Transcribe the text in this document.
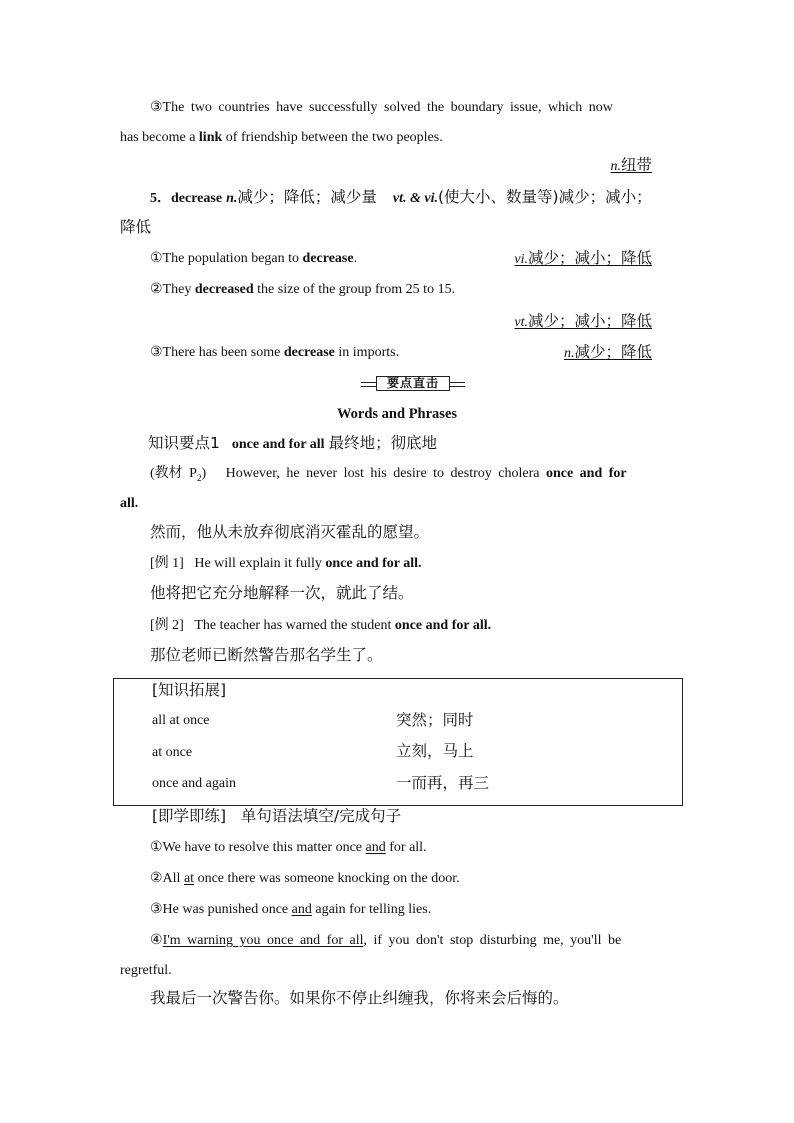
③The two countries have successfully solved the boundary issue, which now
has become a link of friendship between the two peoples.
n.纽带
5．decrease n.减少；降低；减少量 vt. & vi.(使大小、数量等)减少；减小；
降低
①The population began to decrease.	vi.减少；减小；降低
②They decreased the size of the group from 25 to 15.
vt.减少；减小；降低
③There has been some decrease in imports.	n.减少；降低
要点直击
Words and Phrases
知识要点1 once and for all 最终地；彻底地
(教材 $P_2$) However, he never lost his desire to destroy cholera once and for
all.
然而，他从未放弃彻底消灭霍乱的愿望。
[例 1] He will explain it fully once and for all.
他将把它充分地解释一次，就此了结。
[例 2] The teacher has warned the student once and for all.
那位老师已断然警告那名学生了。
[知识拓展]
all at once	突然；同时
at once	立刻，马上
once and again	一而再，再三
[即学即练] 单句语法填空/完成句子
①We have to resolve this matter once and for all.
②All at once there was someone knocking on the door.
③He was punished once and again for telling lies.
④I'm warning you once and for all, if you don't stop disturbing me, you'll be
regretful.
我最后一次警告你。如果你不停止纠缠我，你将来会后悔的。
